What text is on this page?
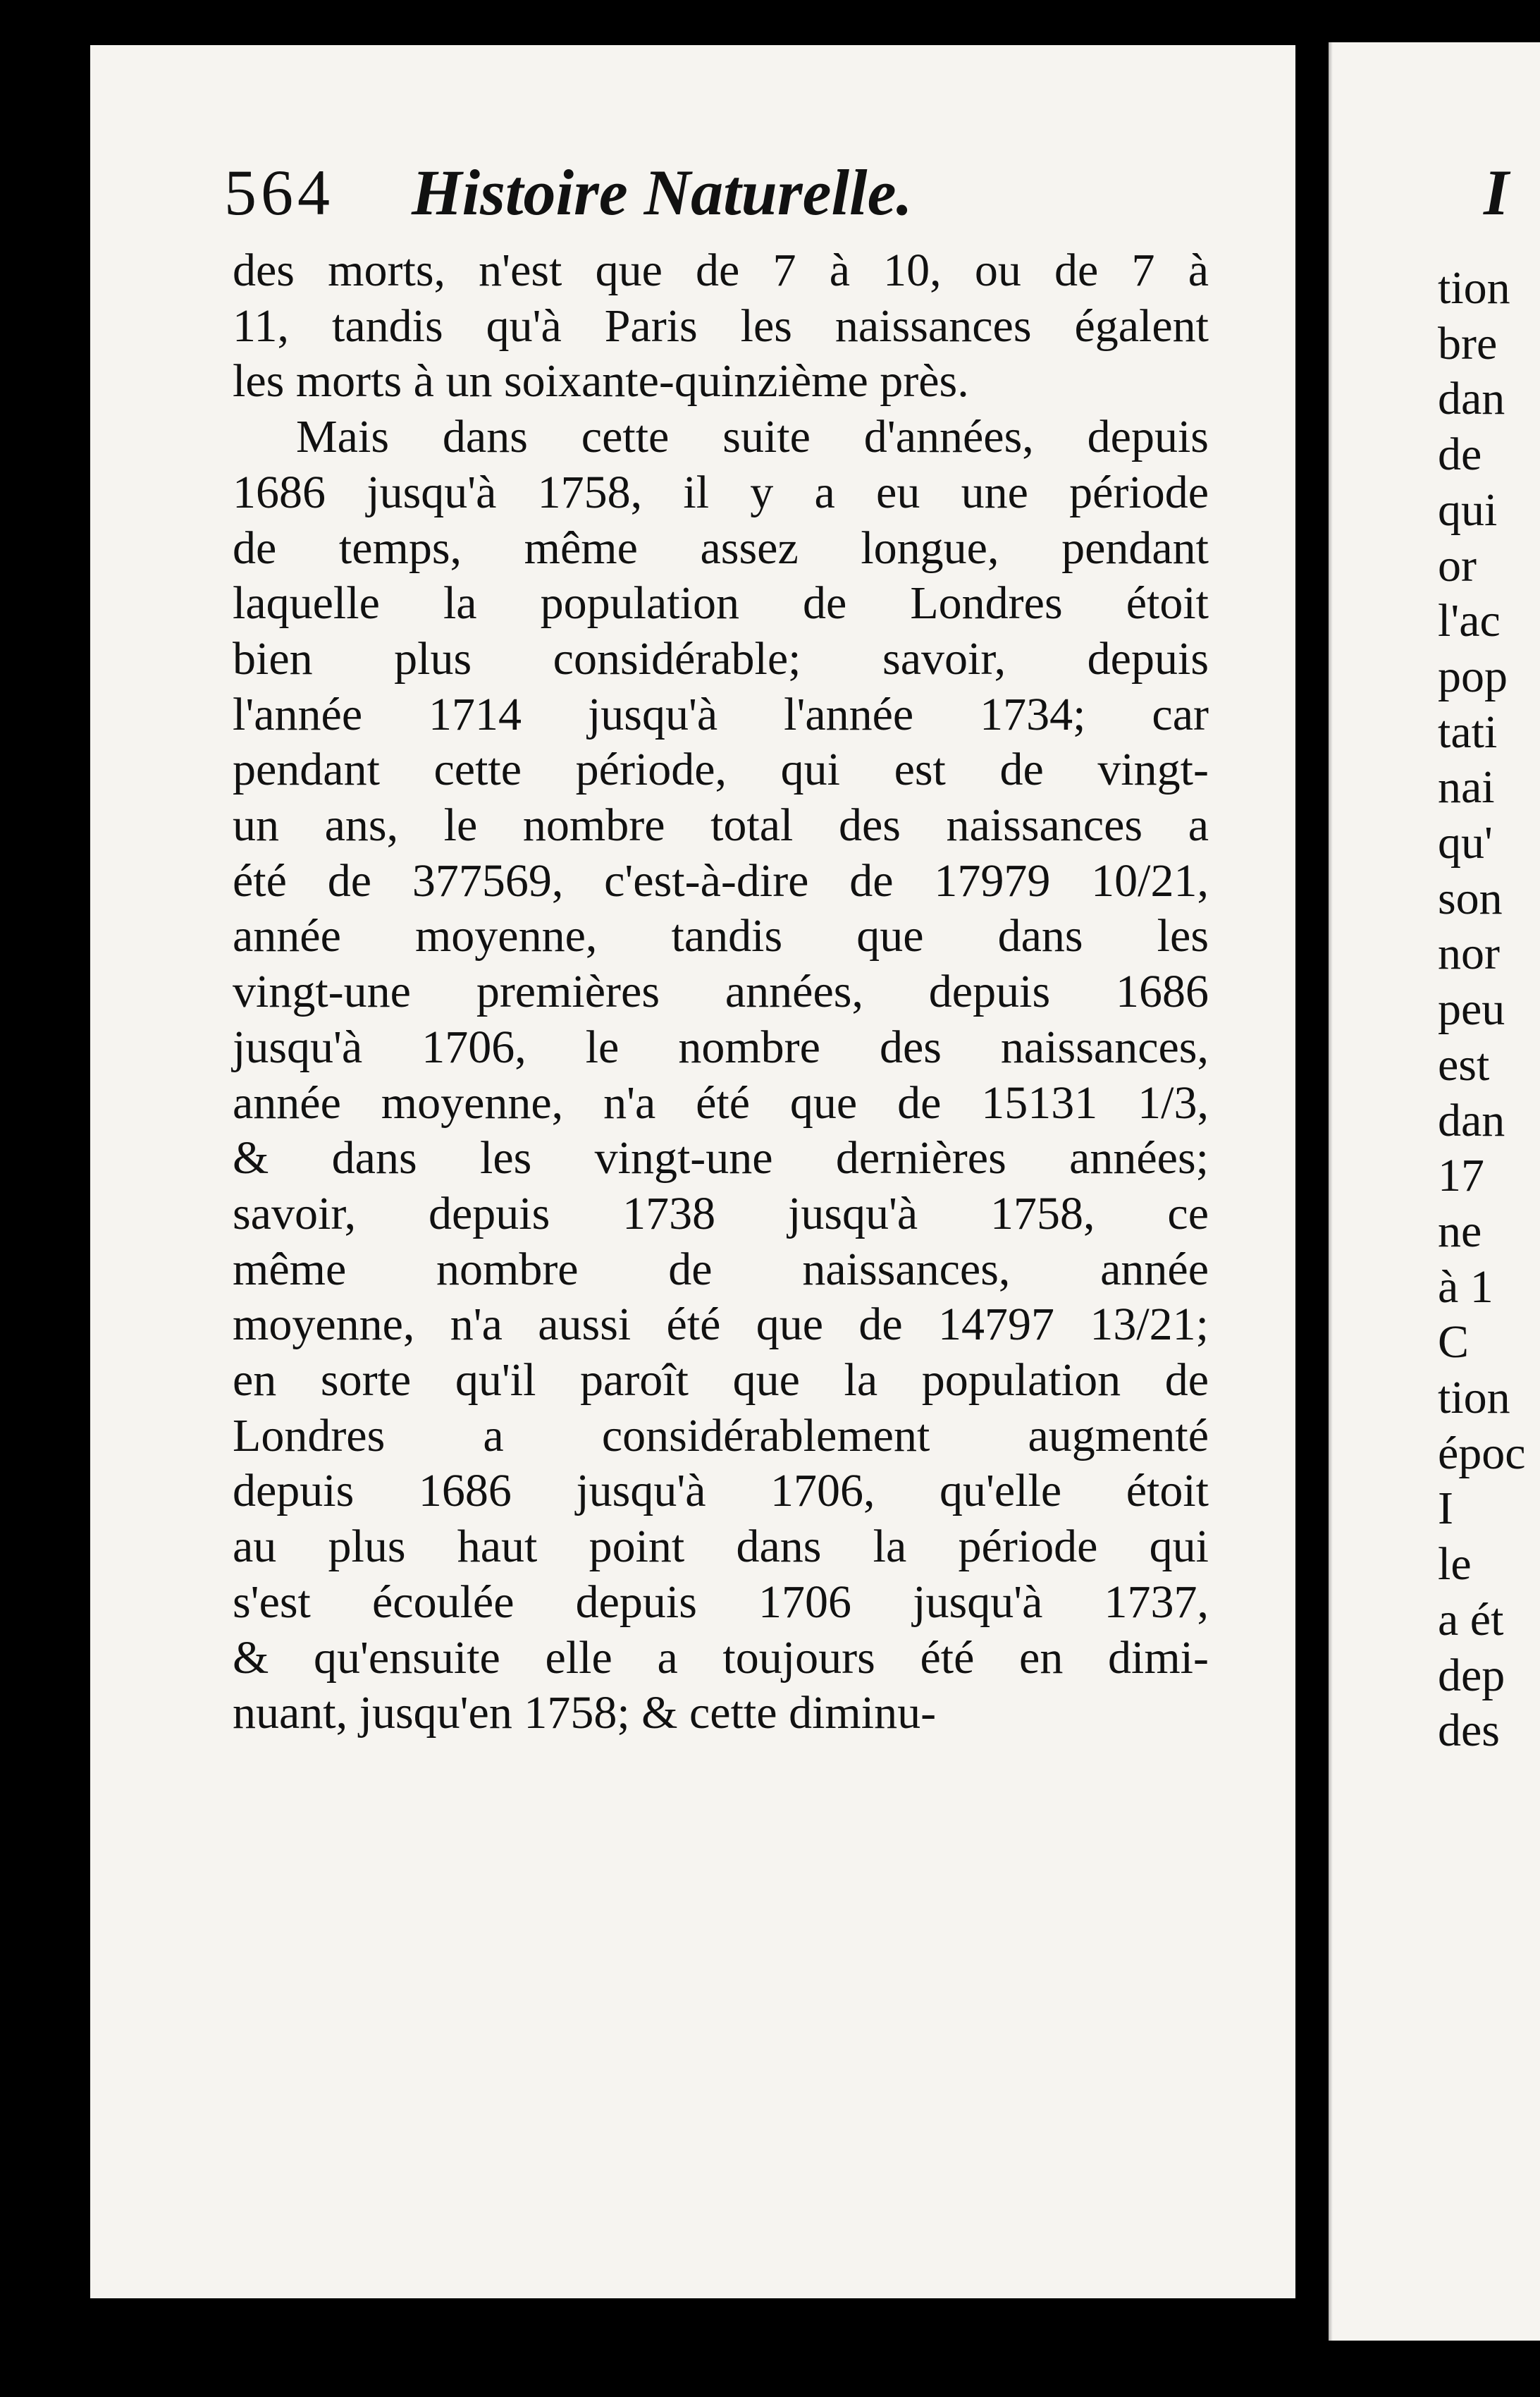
564 Histoire Naturelle.	I
des morts, n'est que de 7 à 10, ou de 7 à
11, tandis qu'à Paris les naissances égalent
les morts à un soixante-quinzième près.
Mais dans cette suite d'années, depuis
1686 jusqu'à 1758, il y a eu une période
de temps, même assez longue, pendant
laquelle la population de Londres étoit
bien plus considérable; savoir, depuis
l'année 1714 jusqu'à l'année 1734; car
pendant cette période, qui est de vingt-
un ans, le nombre total des naissances a
été de 377569, c'est-à-dire de 17979 10/21,
année moyenne, tandis que dans les
vingt-une premières années, depuis 1686
jusqu'à 1706, le nombre des naissances,
année moyenne, n'a été que de 15131 1/3,
& dans les vingt-une dernières années;
savoir, depuis 1738 jusqu'à 1758, ce
même nombre de naissances, année
moyenne, n'a aussi été que de 14797 13/21;
en sorte qu'il paroît que la population de
Londres a considérablement augmenté
depuis 1686 jusqu'à 1706, qu'elle étoit
au plus haut point dans la période qui
s'est écoulée depuis 1706 jusqu'à 1737,
& qu'ensuite elle a toujours été en dimi-
nuant, jusqu'en 1758; & cette diminu-
tion
bre
dan
de
qui
or
l'ac
pop
tati
nai
qu'
son
nor
peu
est
dan
17
ne
à 1
C
tion
époc
I
le
a ét
dep
des
